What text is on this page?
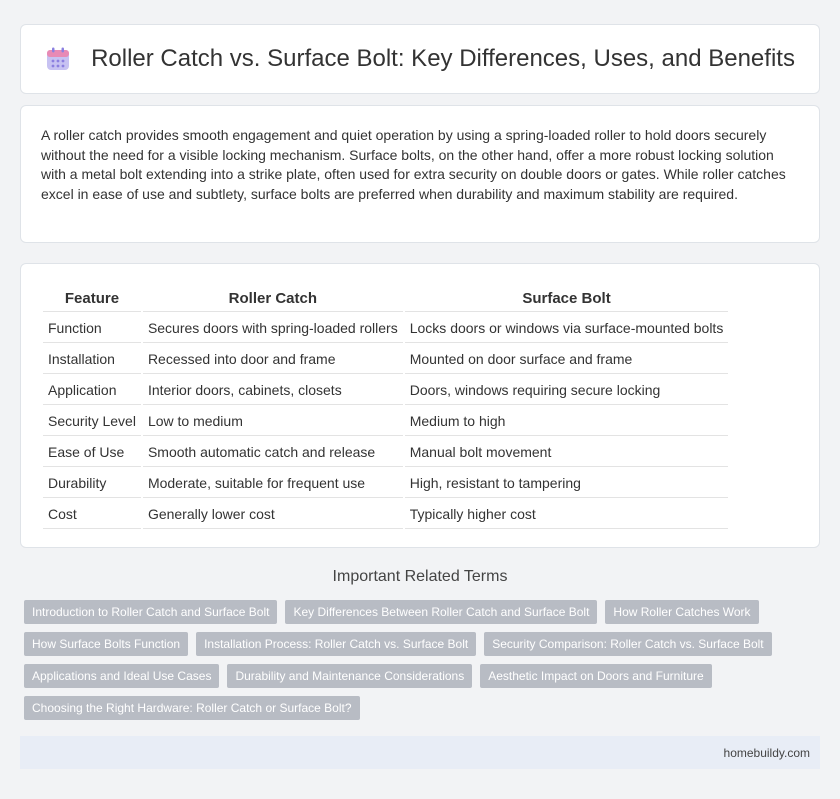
Roller Catch vs. Surface Bolt: Key Differences, Uses, and Benefits

A roller catch provides smooth engagement and quiet operation by using a spring-loaded roller to hold doors securely without the need for a visible locking mechanism. Surface bolts, on the other hand, offer a more robust locking solution with a metal bolt extending into a strike plate, often used for extra security on double doors or gates. While roller catches excel in ease of use and subtlety, surface bolts are preferred when durability and maximum stability are required.

Feature	Roller Catch	Surface Bolt
Function	Secures doors with spring-loaded rollers	Locks doors or windows via surface-mounted bolts
Installation	Recessed into door and frame	Mounted on door surface and frame
Application	Interior doors, cabinets, closets	Doors, windows requiring secure locking
Security Level	Low to medium	Medium to high
Ease of Use	Smooth automatic catch and release	Manual bolt movement
Durability	Moderate, suitable for frequent use	High, resistant to tampering
Cost	Generally lower cost	Typically higher cost
Important Related Terms
Introduction to Roller Catch and Surface Bolt	Key Differences Between Roller Catch and Surface Bolt	How Roller Catches Work
How Surface Bolts Function	Installation Process: Roller Catch vs. Surface Bolt	Security Comparison: Roller Catch vs. Surface Bolt
Applications and Ideal Use Cases	Durability and Maintenance Considerations	Aesthetic Impact on Doors and Furniture
Choosing the Right Hardware: Roller Catch or Surface Bolt?
homebuildy.com
